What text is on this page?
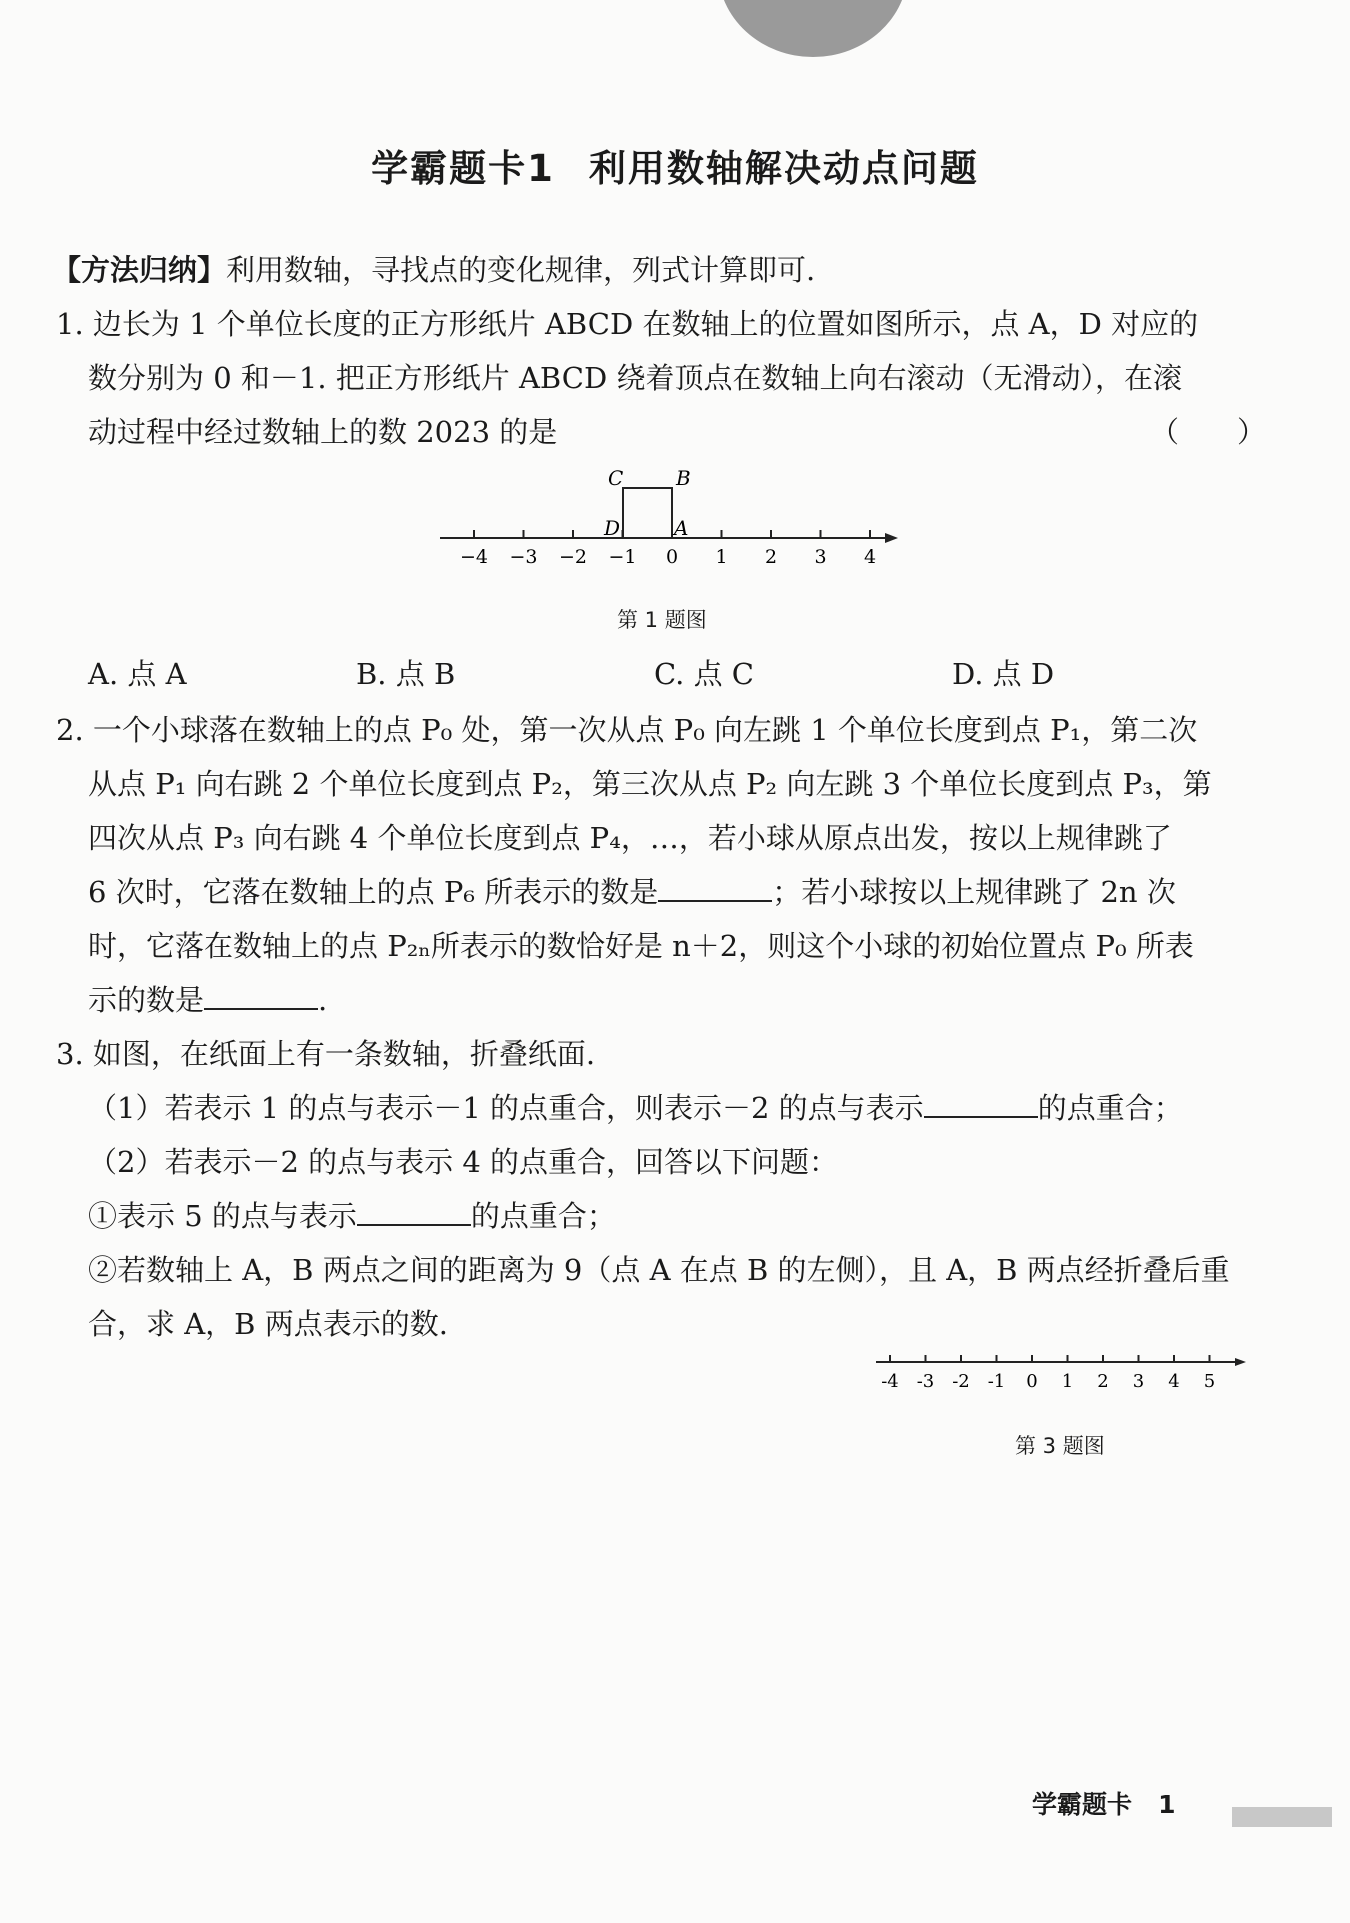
学霸题卡1 利用数轴解决动点问题
【方法归纳】利用数轴，寻找点的变化规律，列式计算即可.
1. 边长为 1 个单位长度的正方形纸片 ABCD 在数轴上的位置如图所示，点 A，D 对应的
数分别为 0 和－1. 把正方形纸片 ABCD 绕着顶点在数轴上向右滚动（无滑动），在滚
动过程中经过数轴上的数 2023 的是	（　　）
−4 −3 −2 −1 0 1 2 3 4
C	B
D	A
第 1 题图
A. 点 A	B. 点 B	C. 点 C	D. 点 D
2. 一个小球落在数轴上的点 P₀ 处，第一次从点 P₀ 向左跳 1 个单位长度到点 P₁，第二次
从点 P₁ 向右跳 2 个单位长度到点 P₂，第三次从点 P₂ 向左跳 3 个单位长度到点 P₃，第
四次从点 P₃ 向右跳 4 个单位长度到点 P₄，…，若小球从原点出发，按以上规律跳了
6 次时，它落在数轴上的点 P₆ 所表示的数是	；若小球按以上规律跳了 2n 次
时，它落在数轴上的点 P₂ₙ所表示的数恰好是 n＋2，则这个小球的初始位置点 P₀ 所表
示的数是	.
3. 如图，在纸面上有一条数轴，折叠纸面.
（1）若表示 1 的点与表示－1 的点重合，则表示－2 的点与表示	的点重合；
（2）若表示－2 的点与表示 4 的点重合，回答以下问题：
①表示 5 的点与表示	的点重合；
②若数轴上 A，B 两点之间的距离为 9（点 A 在点 B 的左侧），且 A，B 两点经折叠后重
合，求 A，B 两点表示的数.
-4 -3 -2 -1 0 1 2 3 4 5
第 3 题图
学霸题卡 1
